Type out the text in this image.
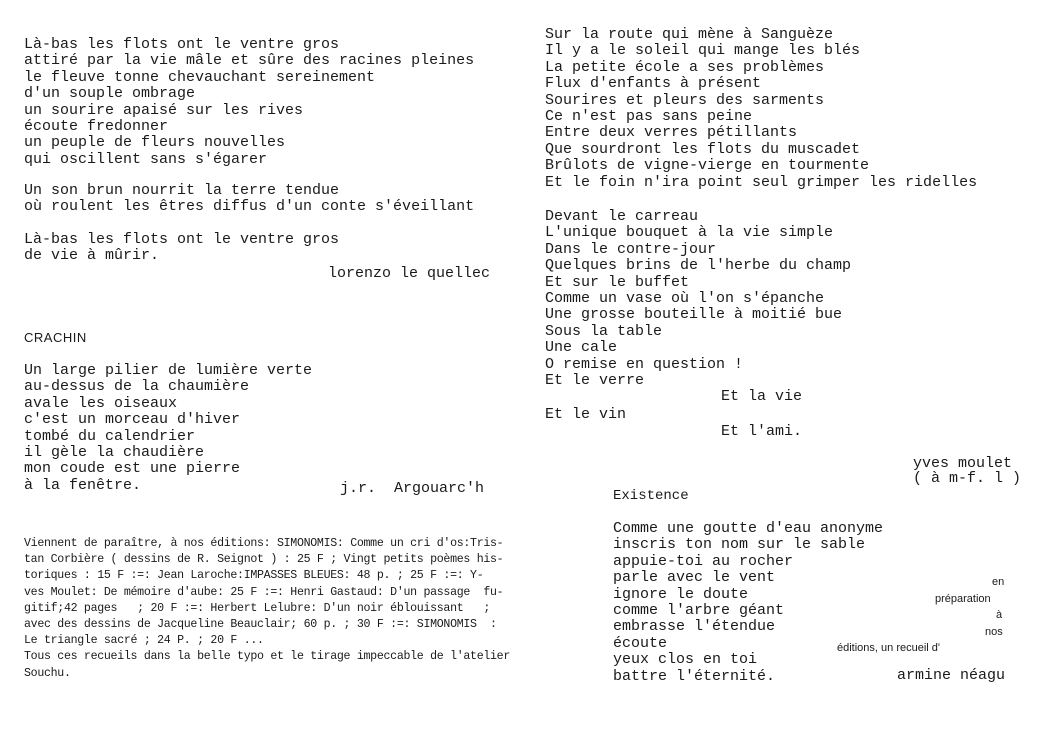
Là-bas les flots ont le ventre gros
attiré par la vie mâle et sûre des racines pleines
le fleuve tonne chevauchant sereinement
d'un souple ombrage
un sourire apaisé sur les rives
écoute fredonner
un peuple de fleurs nouvelles
qui oscillent sans s'égarer
Un son brun nourrit la terre tendue
où roulent les êtres diffus d'un conte s'éveillant
Là-bas les flots ont le ventre gros
de vie à mûrir.
lorenzo le quellec
CRACHIN
Un large pilier de lumière verte
au-dessus de la chaumière
avale les oiseaux
c'est un morceau d'hiver
tombé du calendrier
il gèle la chaudière
mon coude est une pierre
à la fenêtre.	j.r.  Argouarc'h
Viennent de paraître, à nos éditions: SIMONOMIS: Comme un cri d'os:Tris-
tan Corbière ( dessins de R. Seignot ) : 25 F ; Vingt petits poèmes his-
toriques : 15 F :=: Jean Laroche:IMPASSES BLEUES: 48 p. ; 25 F :=: Y-
ves Moulet: De mémoire d'aube: 25 F :=: Henri Gastaud: D'un passage  fu-
gitif;42 pages   ; 20 F :=: Herbert Lelubre: D'un noir éblouissant   ;
avec des dessins de Jacqueline Beauclair; 60 p. ; 30 F :=: SIMONOMIS  :
Le triangle sacré ; 24 P. ; 20 F ...
Tous ces recueils dans la belle typo et le tirage impeccable de l'atelier
Souchu.
Sur la route qui mène à Sanguèze
Il y a le soleil qui mange les blés
La petite école a ses problèmes
Flux d'enfants à présent
Sourires et pleurs des sarments
Ce n'est pas sans peine
Entre deux verres pétillants
Que sourdront les flots du muscadet
Brûlots de vigne-vierge en tourmente
Et le foin n'ira point seul grimper les ridelles
Devant le carreau
L'unique bouquet à la vie simple
Dans le contre-jour
Quelques brins de l'herbe du champ
Et sur le buffet
Comme un vase où l'on s'épanche
Une grosse bouteille à moitié bue
Sous la table
Une cale
O remise en question !
Et le verre
Et la vie
Et le vin
Et l'ami.
yves moulet
( à m-f. l )
Existence
Comme une goutte d'eau anonyme
inscris ton nom sur le sable
appuie-toi au rocher
parle avec le vent
ignore le doute
comme l'arbre géant
embrasse l'étendue
écoute
yeux clos en toi
battre l'éternité.	armine néagu
en
préparation
à
nos
éditions, un recueil d'
